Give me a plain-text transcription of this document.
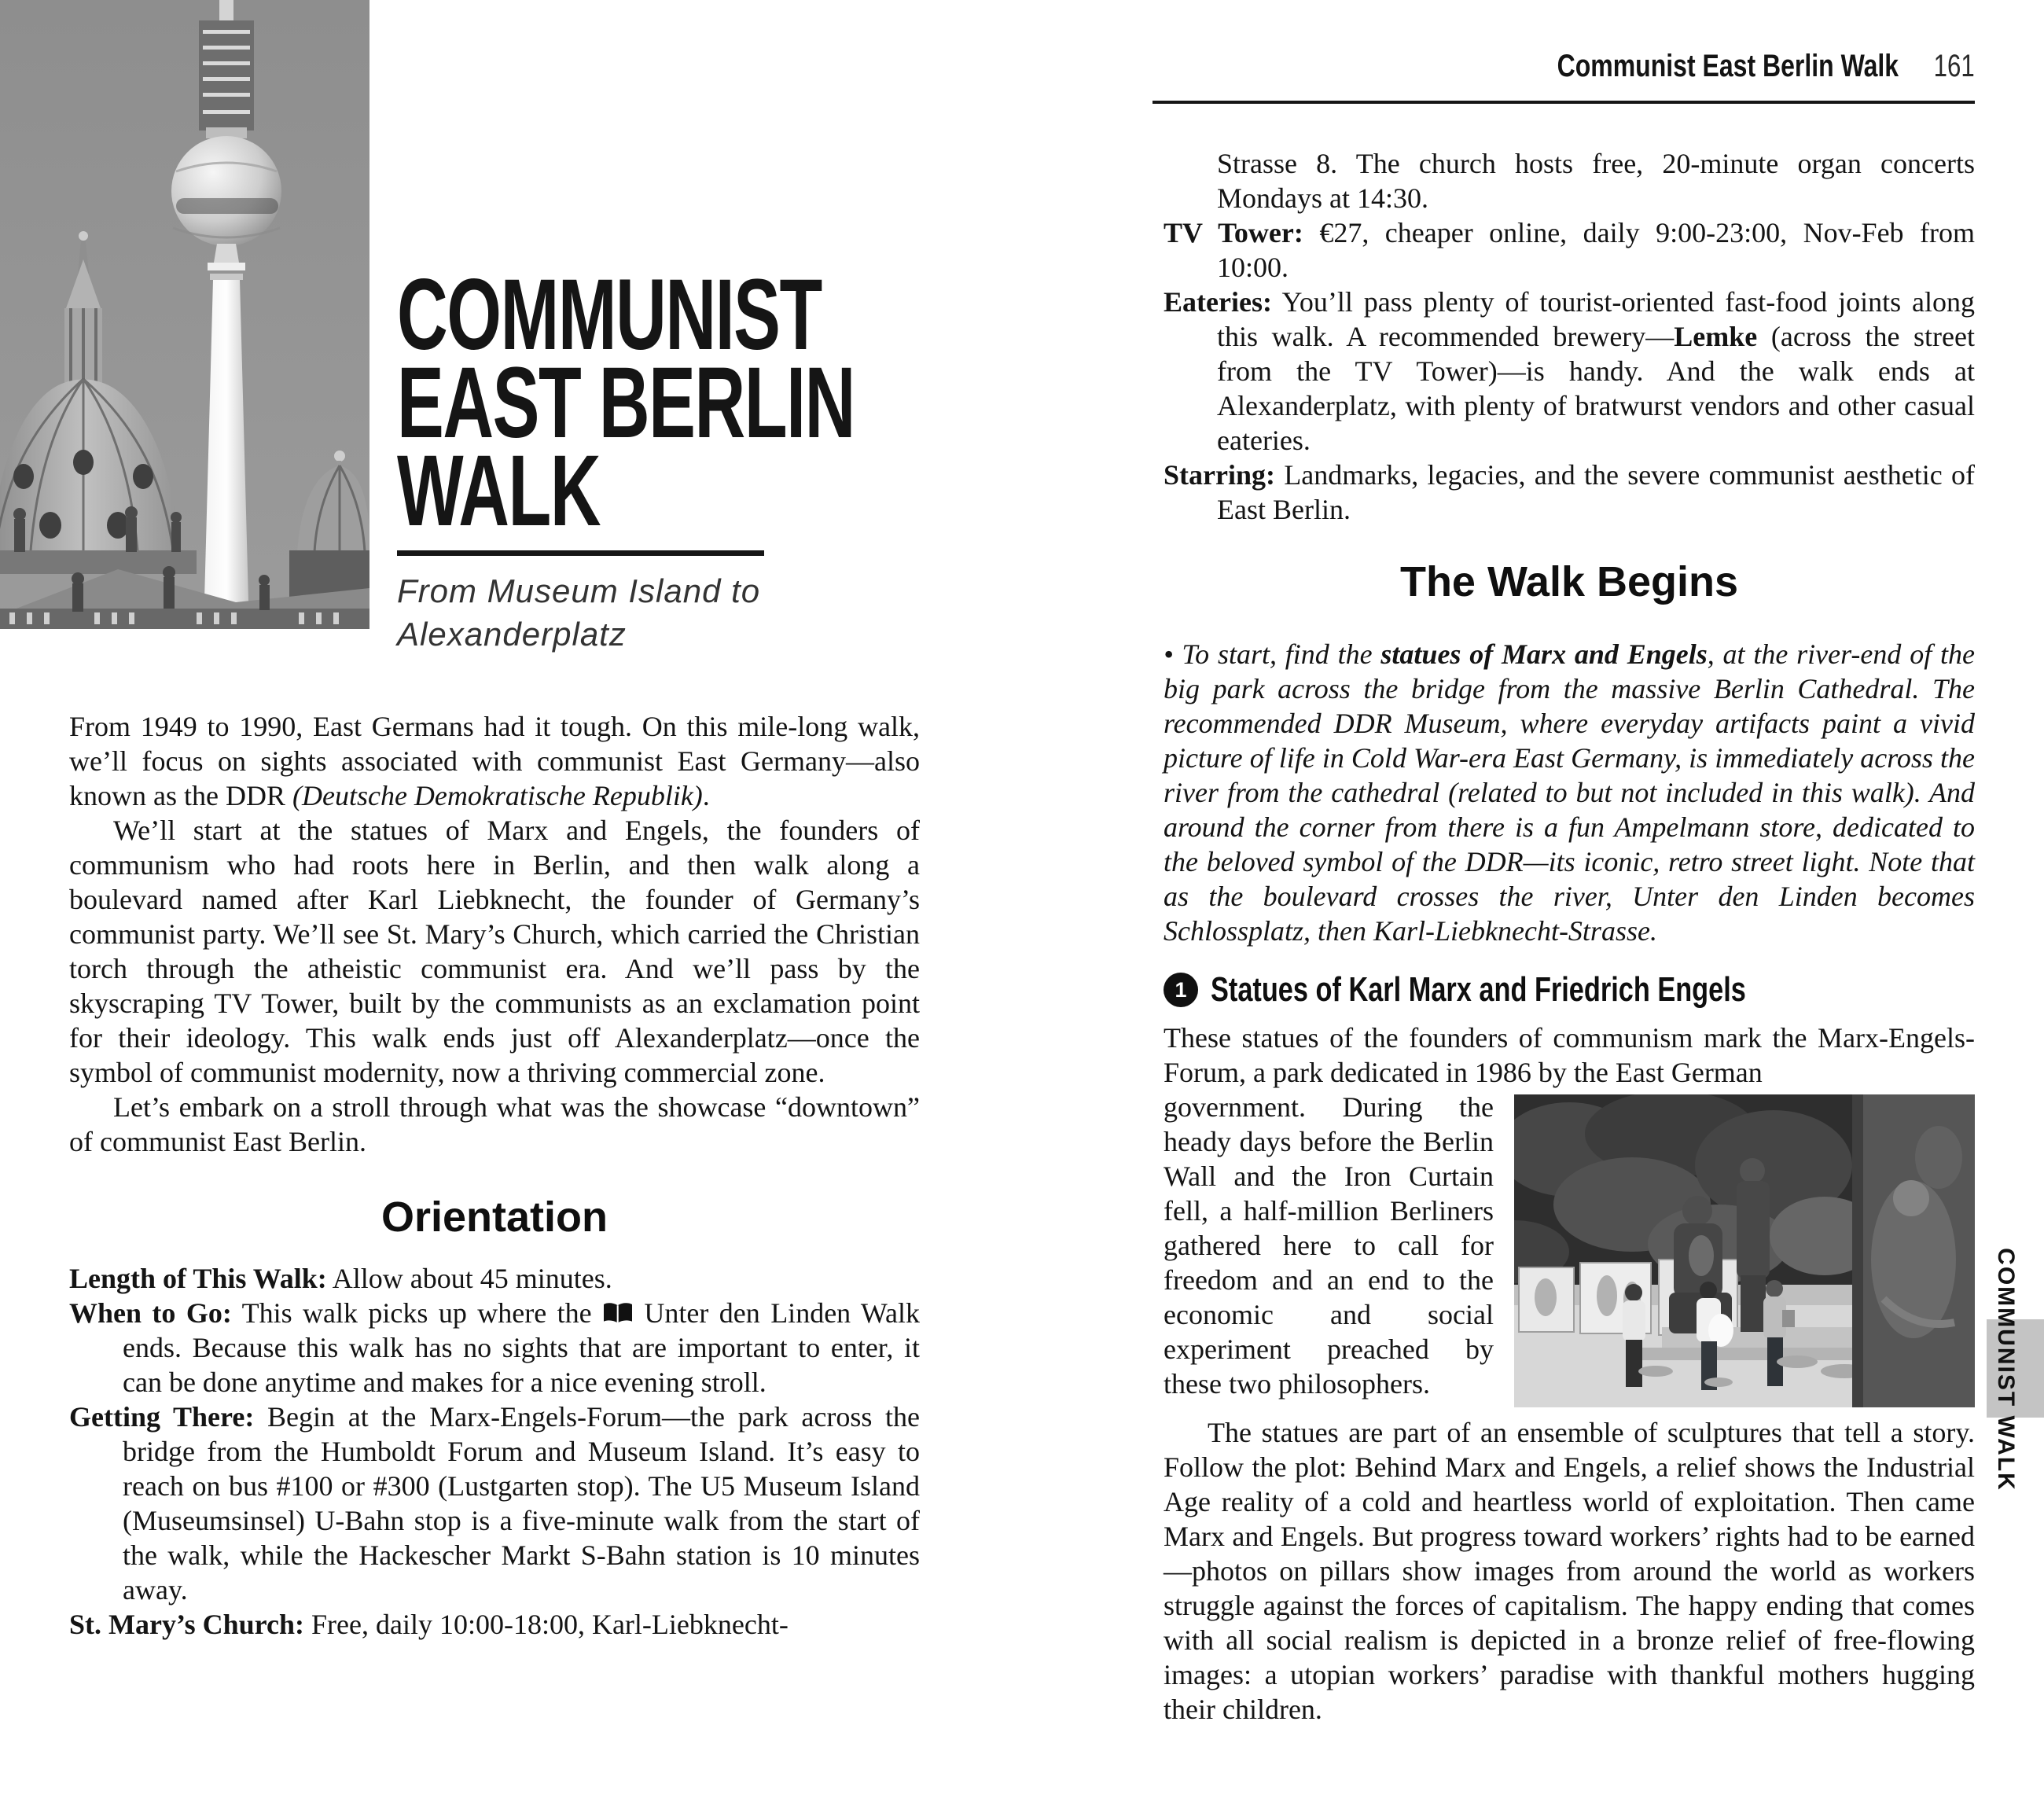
COMMUNIST
EAST BERLIN
WALK
From Museum Island to Alexanderplatz

From 1949 to 1990, East Germans had it tough. On this mile-long walk, we’ll focus on sights associated with communist East Germany—also known as the DDR (Deutsche Demokratische Republik).

We’ll start at the statues of Marx and Engels, the founders of communism who had roots here in Berlin, and then walk along a boulevard named after Karl Liebknecht, the founder of Germany’s communist party. We’ll see St. Mary’s Church, which carried the Christian torch through the atheistic communist era. And we’ll pass by the skyscraping TV Tower, built by the communists as an exclamation point for their ideology. This walk ends just off Alexanderplatz—once the symbol of communist modernity, now a thriving commercial zone.

Let’s embark on a stroll through what was the showcase “downtown” of communist East Berlin.

Orientation

Length of This Walk: Allow about 45 minutes.

When to Go: This walk picks up where the Unter den Linden Walk ends. Because this walk has no sights that are important to enter, it can be done anytime and makes for a nice evening stroll.

Getting There: Begin at the Marx-Engels-Forum—the park across the bridge from the Humboldt Forum and Museum Island. It’s easy to reach on bus #100 or #300 (Lustgarten stop). The U5 Museum Island (Museumsinsel) U-Bahn stop is a five-minute walk from the start of the walk, while the Hackescher Markt S-Bahn station is 10 minutes away.

St. Mary’s Church: Free, daily 10:00-18:00, Karl-Liebknecht-

Communist East Berlin Walk 161

Strasse 8. The church hosts free, 20-minute organ concerts Mondays at 14:30.

TV Tower: €27, cheaper online, daily 9:00-23:00, Nov-Feb from 10:00.

Eateries: You’ll pass plenty of tourist-oriented fast-food joints along this walk. A recommended brewery—Lemke (across the street from the TV Tower)—is handy. And the walk ends at Alexanderplatz, with plenty of bratwurst vendors and other casual eateries.

Starring: Landmarks, legacies, and the severe communist aesthetic of East Berlin.

The Walk Begins

• To start, find the statues of Marx and Engels, at the river-end of the big park across the bridge from the massive Berlin Cathedral. The recommended DDR Museum, where everyday artifacts paint a vivid picture of life in Cold War-era East Germany, is immediately across the river from the cathedral (related to but not included in this walk). And around the corner from there is a fun Ampelmann store, dedicated to the beloved symbol of the DDR—its iconic, retro street light. Note that as the boulevard crosses the river, Unter den Linden becomes Schlossplatz, then Karl-Liebknecht-Strasse.

1 Statues of Karl Marx and Friedrich Engels

These statues of the founders of communism mark the Marx-Engels-Forum, a park dedicated in 1986 by the East German

government. During the heady days before the Berlin Wall and the Iron Curtain fell, a half-million Berliners gathered here to call for freedom and an end to the economic and social experiment preached by these two philosophers.

The statues are part of an ensemble of sculptures that tell a story. Follow the plot: Behind Marx and Engels, a relief shows the Industrial Age reality of a cold and heartless world of exploitation. Then came Marx and Engels. But progress toward workers’ rights had to be earned—photos on pillars show images from around the world as workers struggle against the forces of capitalism. The happy ending that comes with all social realism is depicted in a bronze relief of free-flowing images: a utopian workers’ paradise with thankful mothers hugging their children.

COMMUNIST WALK
